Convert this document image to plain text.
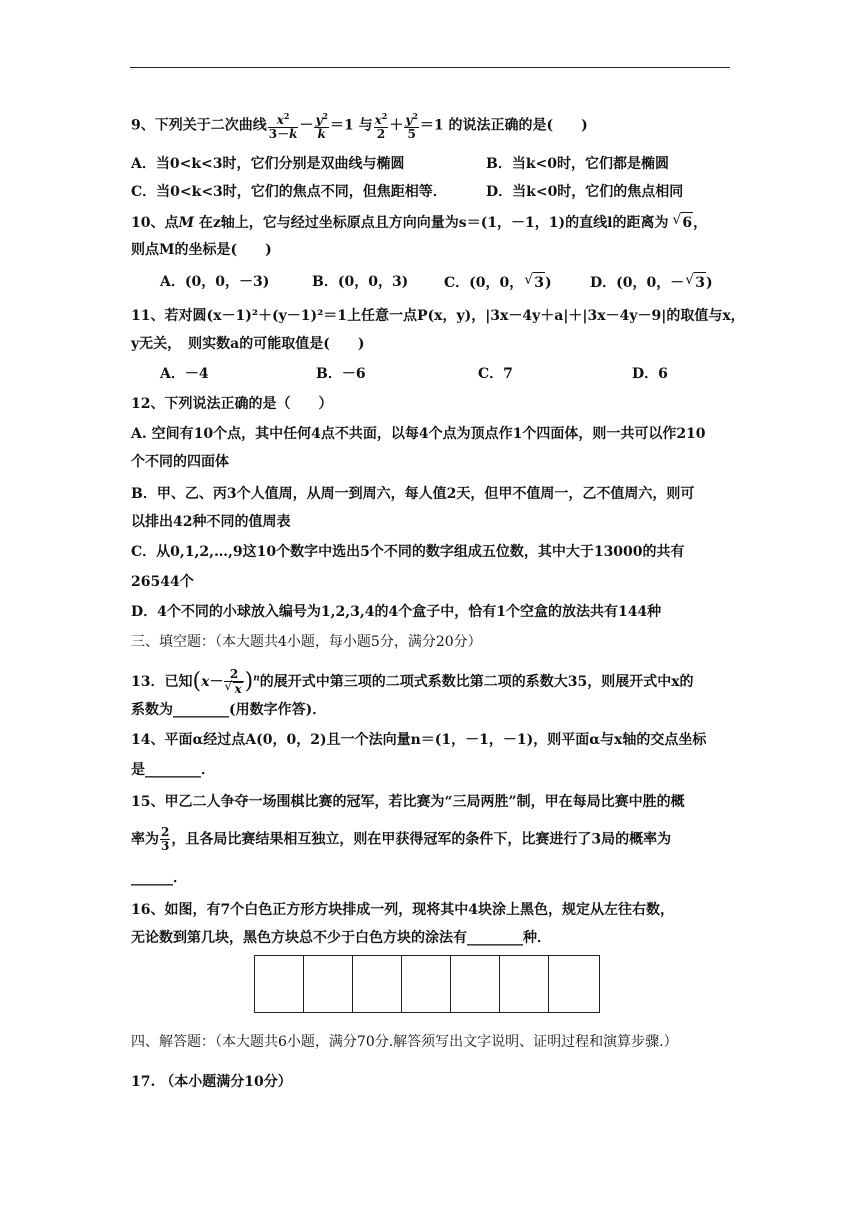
9、下列关于二次曲线 $\frac{x^2}{3-k} - \frac{y^2}{k} =1$ 与 $\frac{x^2}{2} + \frac{y^2}{5} =1$ 的说法正确的是(　　)
A．当0<k<3时，它们分别是双曲线与椭圆	B．当k<0时，它们都是椭圆
C．当0<k<3时，它们的焦点不同，但焦距相等．	D．当k<0时，它们的焦点相同
10、点M 在z轴上，它与经过坐标原点且方向向量为s＝(1，－1，1)的直线l的距离为 √ 6，
则点M的坐标是(　　)
A．(0，0，－3)	B．(0，0，3)	C．(0，0， √ 3)	D．(0，0，－ √ 3)
11、若对圆(x－1)²＋(y－1)²＝1上任意一点P(x，y)，|3x－4y＋a|＋|3x－4y－9|的取值与x，
y无关，　则实数a的可能取值是(　　)
A．－4	B．－6	C．7	D．6
12、下列说法正确的是（　　）
A. 空间有10个点，其中任何4点不共面，以每4个点为顶点作1个四面体，则一共可以作210
个不同的四面体
B．甲、乙、丙3个人值周，从周一到周六，每人值2天，但甲不值周一，乙不值周六，则可
以排出42种不同的值周表
C．从0,1,2,…,9这10个数字中选出5个不同的数字组成五位数，其中大于13000的共有
26544个
D．4个不同的小球放入编号为1,2,3,4的4个盒子中，恰有1个空盒的放法共有144种
三、填空题：（本大题共4小题，每小题5分，满分20分）
13．已知(x－ 2
√ x )$^n$的展开式中第三项的二项式系数比第二项的系数大35，则展开式中x的
系数为________(用数字作答)．
14、平面α经过点A(0，0，2)且一个法向量n＝(1，－1，－1)，则平面α与x轴的交点坐标
是________．
15、甲乙二人争夺一场围棋比赛的冠军，若比赛为“三局两胜”制，甲在每局比赛中胜的概
率为 $\frac{2}{3}$ ，且各局比赛结果相互独立，则在甲获得冠军的条件下，比赛进行了3局的概率为
______．
16、如图，有7个白色正方形方块排成一列，现将其中4块涂上黑色，规定从左往右数，
无论数到第几块，黑色方块总不少于白色方块的涂法有________种．
四、解答题：（本大题共6小题，满分70分.解答须写出文字说明、证明过程和演算步骤.）
17. （本小题满分10分）
